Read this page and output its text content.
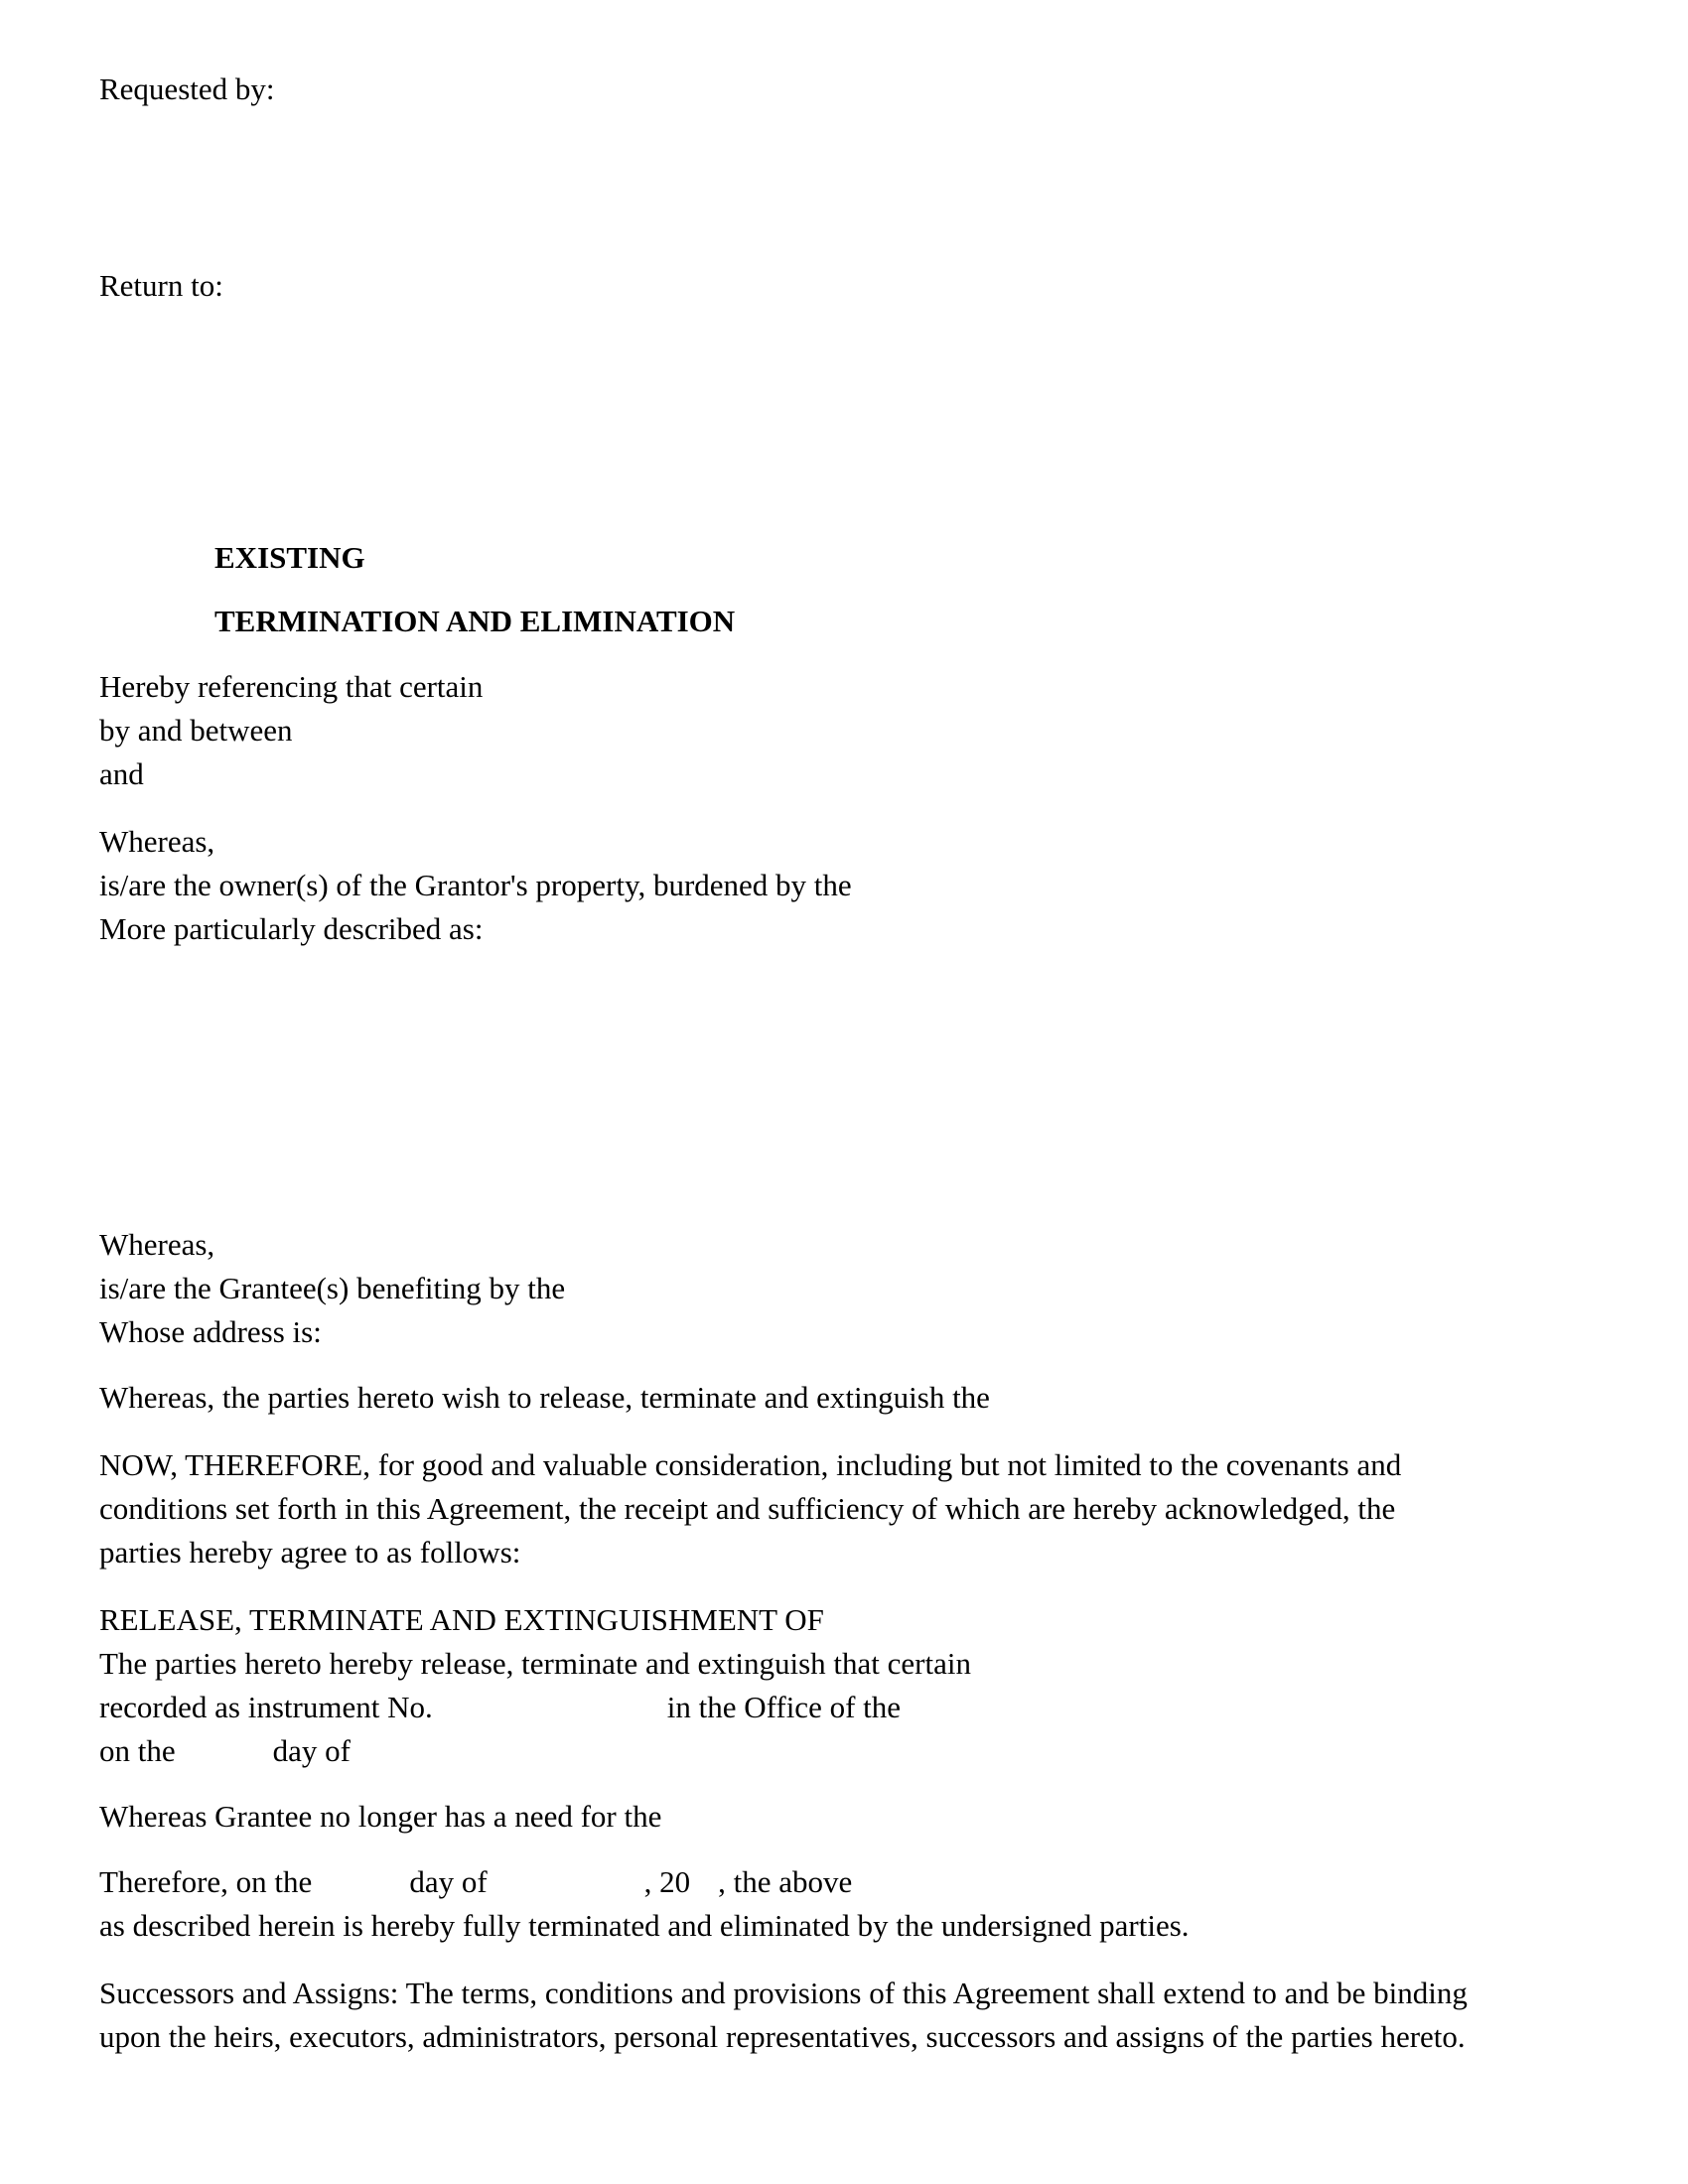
Requested by:
Return to:
EXISTING
TERMINATION AND ELIMINATION
Hereby referencing that certain
by and between
and
Whereas,
is/are the owner(s) of the Grantor's property, burdened by the
More particularly described as:
Whereas,
is/are the Grantee(s) benefiting by the
Whose address is:
Whereas, the parties hereto wish to release, terminate and extinguish the
NOW, THEREFORE, for good and valuable consideration, including but not limited to the covenants and
conditions set forth in this Agreement, the receipt and sufficiency of which are hereby acknowledged, the
parties hereby agree to as follows:
RELEASE, TERMINATE AND EXTINGUISHMENT OF
The parties hereto hereby release, terminate and extinguish that certain
recorded as instrument No.	in the Office of the
on the	day of
Whereas Grantee no longer has a need for the
Therefore, on the	day of	, 20 , the above
as described herein is hereby fully terminated and eliminated by the undersigned parties.
Successors and Assigns: The terms, conditions and provisions of this Agreement shall extend to and be binding
upon the heirs, executors, administrators, personal representatives, successors and assigns of the parties hereto.
